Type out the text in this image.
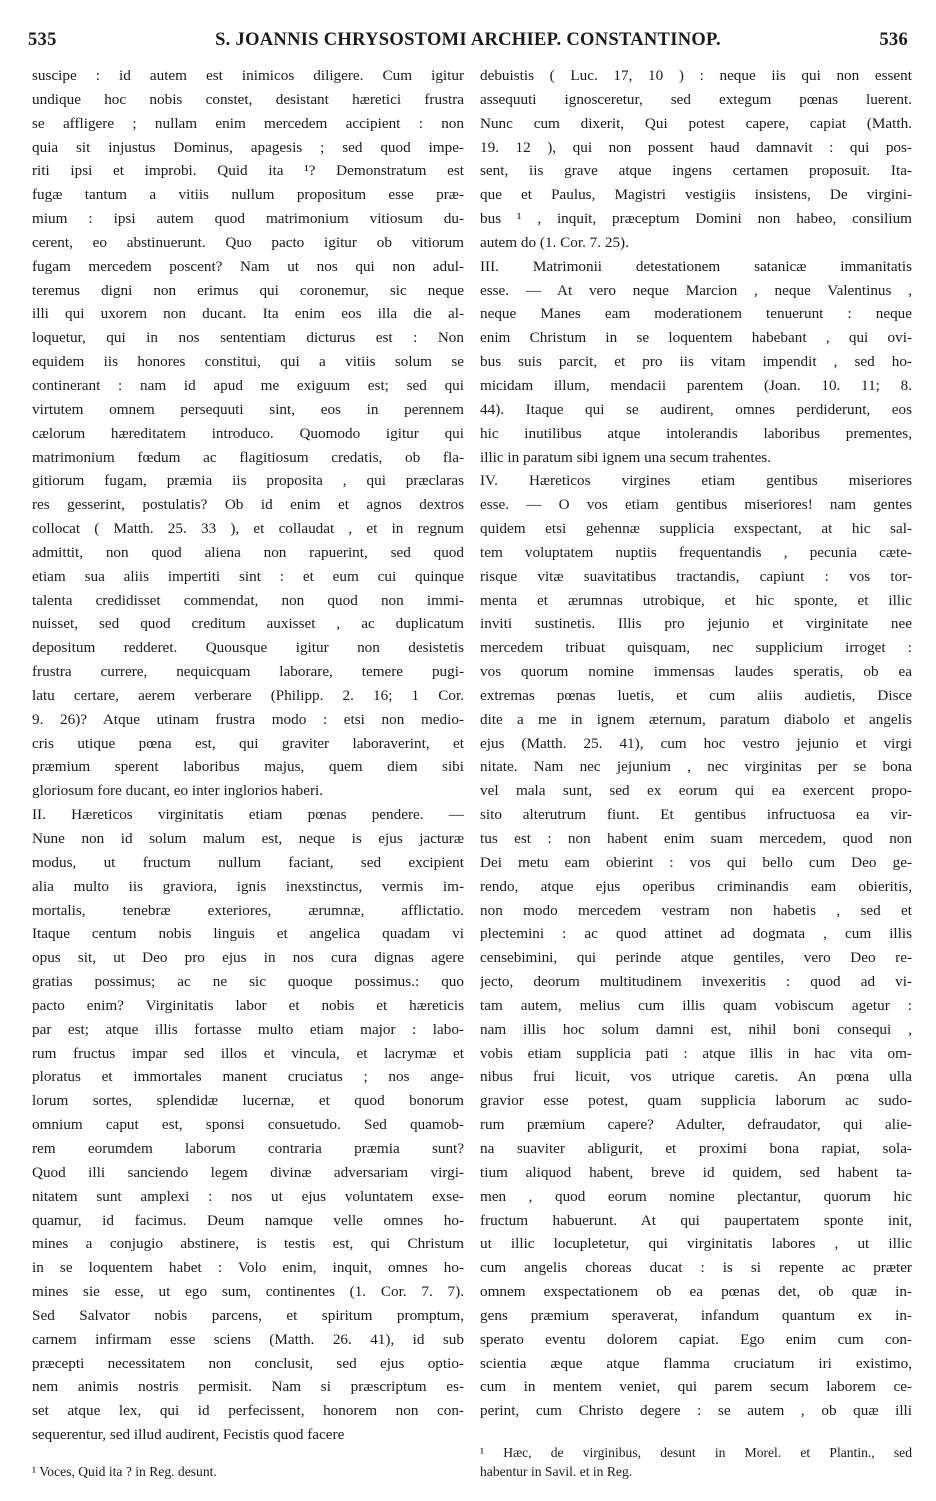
535	S. JOANNIS CHRYSOSTOMI ARCHIEP. CONSTANTINOP.	536
suscipe : id autem est inimicos diligere. Cum igitur
undique hoc nobis constet, desistant hæretici frustra
se affligere ; nullam enim mercedem accipient : non
quia sit injustus Dominus, apagesis ; sed quod impe-
riti ipsi et improbi. Quid ita ¹? Demonstratum est
fugæ tantum a vitiis nullum propositum esse præ-
mium : ipsi autem quod matrimonium vitiosum du-
cerent, eo abstinuerunt. Quo pacto igitur ob vitiorum
fugam mercedem poscent? Nam ut nos qui non adul-
teremus digni non erimus qui coronemur, sic neque
illi qui uxorem non ducant. Ita enim eos illa die al-
loquetur, qui in nos sententiam dicturus est : Non
equidem iis honores constitui, qui a vitiis solum se
continerant : nam id apud me exiguum est; sed qui
virtutem omnem persequuti sint, eos in perennem
cælorum hæreditatem introduco. Quomodo igitur qui
matrimonium fœdum ac flagitiosum credatis, ob fla-
gitiorum fugam, præmia iis proposita , qui præclaras
res gesserint, postulatis? Ob id enim et agnos dextros
collocat ( Matth. 25. 33 ), et collaudat , et in regnum
admittit, non quod aliena non rapuerint, sed quod
etiam sua aliis impertiti sint : et eum cui quinque
talenta credidisset commendat, non quod non immi-
nuisset, sed quod creditum auxisset , ac duplicatum
depositum redderet. Quousque igitur non desistetis
frustra currere, nequicquam laborare, temere pugi-
latu certare, aerem verberare (Philipp. 2. 16; 1 Cor.
9. 26)? Atque utinam frustra modo : etsi non medio-
cris utique pœna est, qui graviter laboraverint, et
præmium sperent laboribus majus, quem diem sibi
gloriosum fore ducant, eo inter inglorios haberi.
II. Hæreticos virginitatis etiam pœnas pendere. —
Nune non id solum malum est, neque is ejus jacturæ
modus, ut fructum nullum faciant, sed excipient
alia multo iis graviora, ignis inexstinctus, vermis im-
mortalis, tenebræ exteriores, ærumnæ, afflictatio.
Itaque centum nobis linguis et angelica quadam vi
opus sit, ut Deo pro ejus in nos cura dignas agere
gratias possimus; ac ne sic quoque possimus.: quo
pacto enim? Virginitatis labor et nobis et hæreticis
par est; atque illis fortasse multo etiam major : labo-
rum fructus impar sed illos et vincula, et lacrymæ et
ploratus et immortales manent cruciatus ; nos ange-
lorum sortes, splendidæ lucernæ, et quod bonorum
omnium caput est, sponsi consuetudo. Sed quamob-
rem eorumdem laborum contraria præmia sunt?
Quod illi sanciendo legem divinæ adversariam virgi-
nitatem sunt amplexi : nos ut ejus voluntatem exse-
quamur, id facimus. Deum namque velle omnes ho-
mines a conjugio abstinere, is testis est, qui Christum
in se loquentem habet : Volo enim, inquit, omnes ho-
mines sie esse, ut ego sum, continentes (1. Cor. 7. 7).
Sed Salvator nobis parcens, et spiritum promptum,
carnem infirmam esse sciens (Matth. 26. 41), id sub
præcepti necessitatem non conclusit, sed ejus optio-
nem animis nostris permisit. Nam si præscriptum es-
set atque lex, qui id perfecissent, honorem non con-
sequerentur, sed illud audirent, Fecistis quod facere
debuistis ( Luc. 17, 10 ) : neque iis qui non essent
assequuti ignosceretur, sed extegum pœnas luerent.
Nunc cum dixerit, Qui potest capere, capiat (Matth.
19. 12 ), qui non possent haud damnavit : qui pos-
sent, iis grave atque ingens certamen proposuit. Ita-
que et Paulus, Magistri vestigiis insistens, De virgini-
bus ¹ , inquit, præceptum Domini non habeo, consilium
autem do (1. Cor. 7. 25).
III. Matrimonii detestationem satanicæ immanitatis
esse. — At vero neque Marcion , neque Valentinus ,
neque Manes eam moderationem tenuerunt : neque
enim Christum in se loquentem habebant , qui ovi-
bus suis parcit, et pro iis vitam impendit , sed ho-
micidam illum, mendacii parentem (Joan. 10. 11; 8.
44). Itaque qui se audirent, omnes perdiderunt, eos
hic inutilibus atque intolerandis laboribus prementes,
illic in paratum sibi ignem una secum trahentes.
IV. Hæreticos virgines etiam gentibus miseriores
esse. — O vos etiam gentibus miseriores! nam gentes
quidem etsi gehennæ supplicia exspectant, at hic sal-
tem voluptatem nuptiis frequentandis , pecunia cæte-
risque vitæ suavitatibus tractandis, capiunt : vos tor-
menta et ærumnas utrobique, et hic sponte, et illic
inviti sustinetis. Illis pro jejunio et virginitate nee
mercedem tribuat quisquam, nec supplicium irroget :
vos quorum nomine immensas laudes speratis, ob ea
extremas pœnas luetis, et cum aliis audietis, Disce
dite a me in ignem æternum, paratum diabolo et angelis
ejus (Matth. 25. 41), cum hoc vestro jejunio et virgi
nitate. Nam nec jejunium , nec virginitas per se bona
vel mala sunt, sed ex eorum qui ea exercent propo-
sito alterutrum fiunt. Et gentibus infructuosa ea vir-
tus est : non habent enim suam mercedem, quod non
Dei metu eam obierint : vos qui bello cum Deo ge-
rendo, atque ejus operibus criminandis eam obieritis,
non modo mercedem vestram non habetis , sed et
plectemini : ac quod attinet ad dogmata , cum illis
censebimini, qui perinde atque gentiles, vero Deo re-
jecto, deorum multitudinem invexeritis : quod ad vi-
tam autem, melius cum illis quam vobiscum agetur :
nam illis hoc solum damni est, nihil boni consequi ,
vobis etiam supplicia pati : atque illis in hac vita om-
nibus frui licuit, vos utrique caretis. An pœna ulla
gravior esse potest, quam supplicia laborum ac sudo-
rum præmium capere? Adulter, defraudator, qui alie-
na suaviter abligurit, et proximi bona rapiat, sola-
tium aliquod habent, breve id quidem, sed habent ta-
men , quod eorum nomine plectantur, quorum hic
fructum habuerunt. At qui paupertatem sponte init,
ut illic locupletetur, qui virginitatis labores , ut illic
cum angelis choreas ducat : is si repente ac præter
omnem exspectationem ob ea pœnas det, ob quæ in-
gens præmium speraverat, infandum quantum ex in-
sperato eventu dolorem capiat. Ego enim cum con-
scientia æque atque flamma cruciatum iri existimo,
cum in mentem veniet, qui parem secum laborem ce-
perint, cum Christo degere : se autem , ob quæ illi
¹ Voces, Quid ita ? in Reg. desunt.
¹ Hæc, de virginibus, desunt in Morel. et Plantin., sed
habentur in Savil. et in Reg.
